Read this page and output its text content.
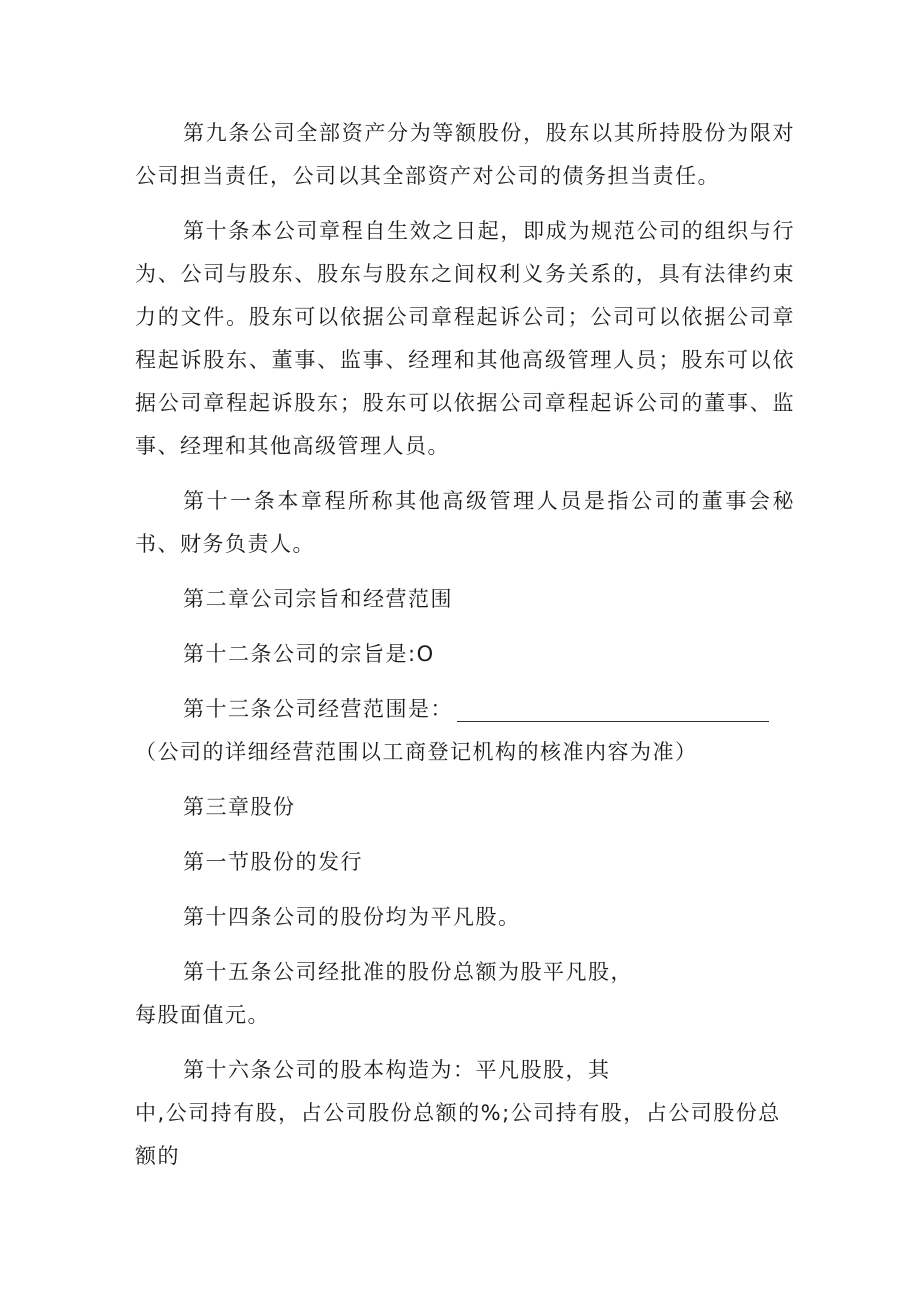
第九条公司全部资产分为等额股份，股东以其所持股份为限对公司担当责任，公司以其全部资产对公司的债务担当责任。

第十条本公司章程自生效之日起，即成为规范公司的组织与行为、公司与股东、股东与股东之间权利义务关系的，具有法律约束力的文件。股东可以依据公司章程起诉公司；公司可以依据公司章程起诉股东、董事、监事、经理和其他高级管理人员；股东可以依据公司章程起诉股东；股东可以依据公司章程起诉公司的董事、监事、经理和其他高级管理人员。

第十一条本章程所称其他高级管理人员是指公司的董事会秘书、财务负责人。

第二章公司宗旨和经营范围

第十二条公司的宗旨是:O

第十三条公司经营范围是：
（公司的详细经营范围以工商登记机构的核准内容为准）

第三章股份

第一节股份的发行

第十四条公司的股份均为平凡股。

第十五条公司经批准的股份总额为股平凡股，
每股面值元。

第十六条公司的股本构造为：平凡股股，其
中,公司持有股，占公司股份总额的%;公司持有股，占公司股份总
额的
